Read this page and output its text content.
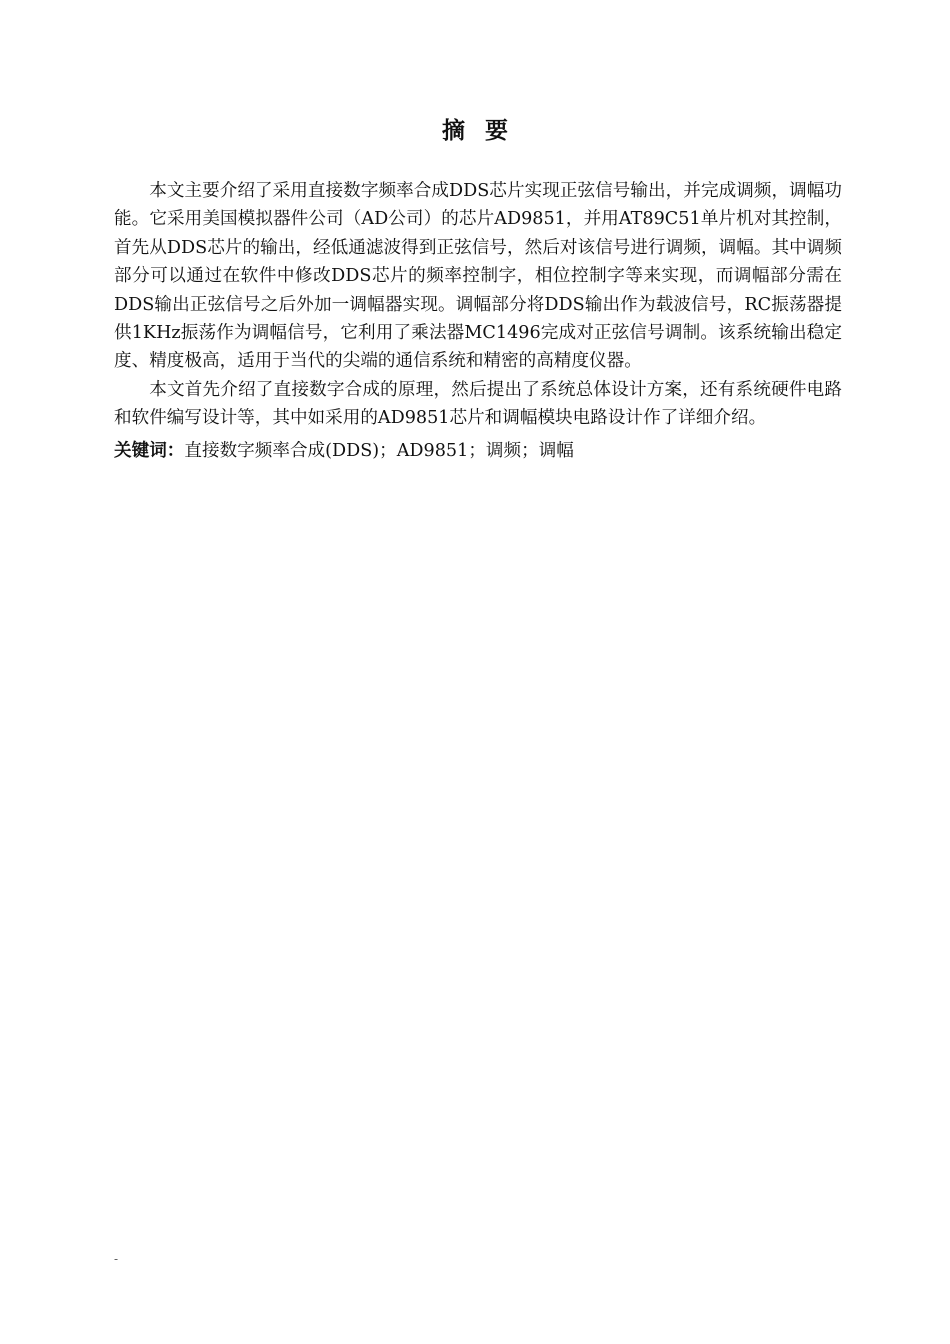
摘要

本文主要介绍了采用直接数字频率合成DDS芯片实现正弦信号输出，并完成调频，调幅功能。它采用美国模拟器件公司（AD公司）的芯片AD9851，并用AT89C51单片机对其控制，首先从DDS芯片的输出，经低通滤波得到正弦信号，然后对该信号进行调频，调幅。其中调频部分可以通过在软件中修改DDS芯片的频率控制字，相位控制字等来实现，而调幅部分需在DDS输出正弦信号之后外加一调幅器实现。调幅部分将DDS输出作为载波信号，RC振荡器提供1KHz振荡作为调幅信号，它利用了乘法器MC1496完成对正弦信号调制。该系统输出稳定度、精度极高，适用于当代的尖端的通信系统和精密的高精度仪器。

本文首先介绍了直接数字合成的原理，然后提出了系统总体设计方案，还有系统硬件电路和软件编写设计等，其中如采用的AD9851芯片和调幅模块电路设计作了详细介绍。

关键词：直接数字频率合成(DDS)；AD9851；调频；调幅
-
